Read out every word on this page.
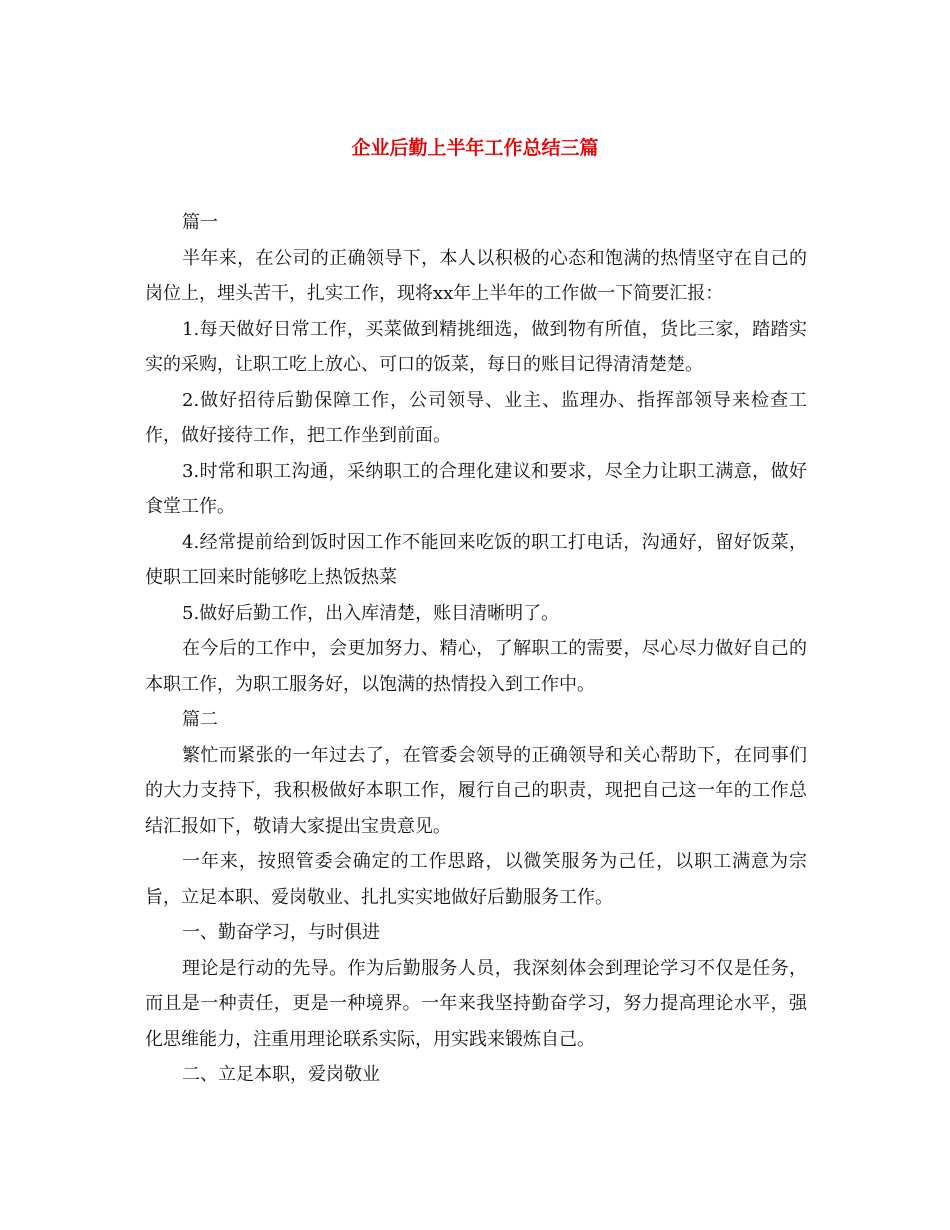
企业后勤上半年工作总结三篇

篇一

半年来，在公司的正确领导下，本人以积极的心态和饱满的热情坚守在自己的岗位上，埋头苦干，扎实工作，现将xx年上半年的工作做一下简要汇报：

1.每天做好日常工作，买菜做到精挑细选，做到物有所值，货比三家，踏踏实实的采购，让职工吃上放心、可口的饭菜，每日的账目记得清清楚楚。

2.做好招待后勤保障工作，公司领导、业主、监理办、指挥部领导来检查工作，做好接待工作，把工作坐到前面。

3.时常和职工沟通，采纳职工的合理化建议和要求，尽全力让职工满意，做好食堂工作。

4.经常提前给到饭时因工作不能回来吃饭的职工打电话，沟通好，留好饭菜，使职工回来时能够吃上热饭热菜

5.做好后勤工作，出入库清楚，账目清晰明了。

在今后的工作中，会更加努力、精心，了解职工的需要，尽心尽力做好自己的本职工作，为职工服务好，以饱满的热情投入到工作中。

篇二

繁忙而紧张的一年过去了，在管委会领导的正确领导和关心帮助下，在同事们的大力支持下，我积极做好本职工作，履行自己的职责，现把自己这一年的工作总结汇报如下，敬请大家提出宝贵意见。

一年来，按照管委会确定的工作思路，以微笑服务为己任，以职工满意为宗旨，立足本职、爱岗敬业、扎扎实实地做好后勤服务工作。

一、勤奋学习，与时俱进

理论是行动的先导。作为后勤服务人员，我深刻体会到理论学习不仅是任务，而且是一种责任，更是一种境界。一年来我坚持勤奋学习，努力提高理论水平，强化思维能力，注重用理论联系实际，用实践来锻炼自己。

二、立足本职，爱岗敬业
